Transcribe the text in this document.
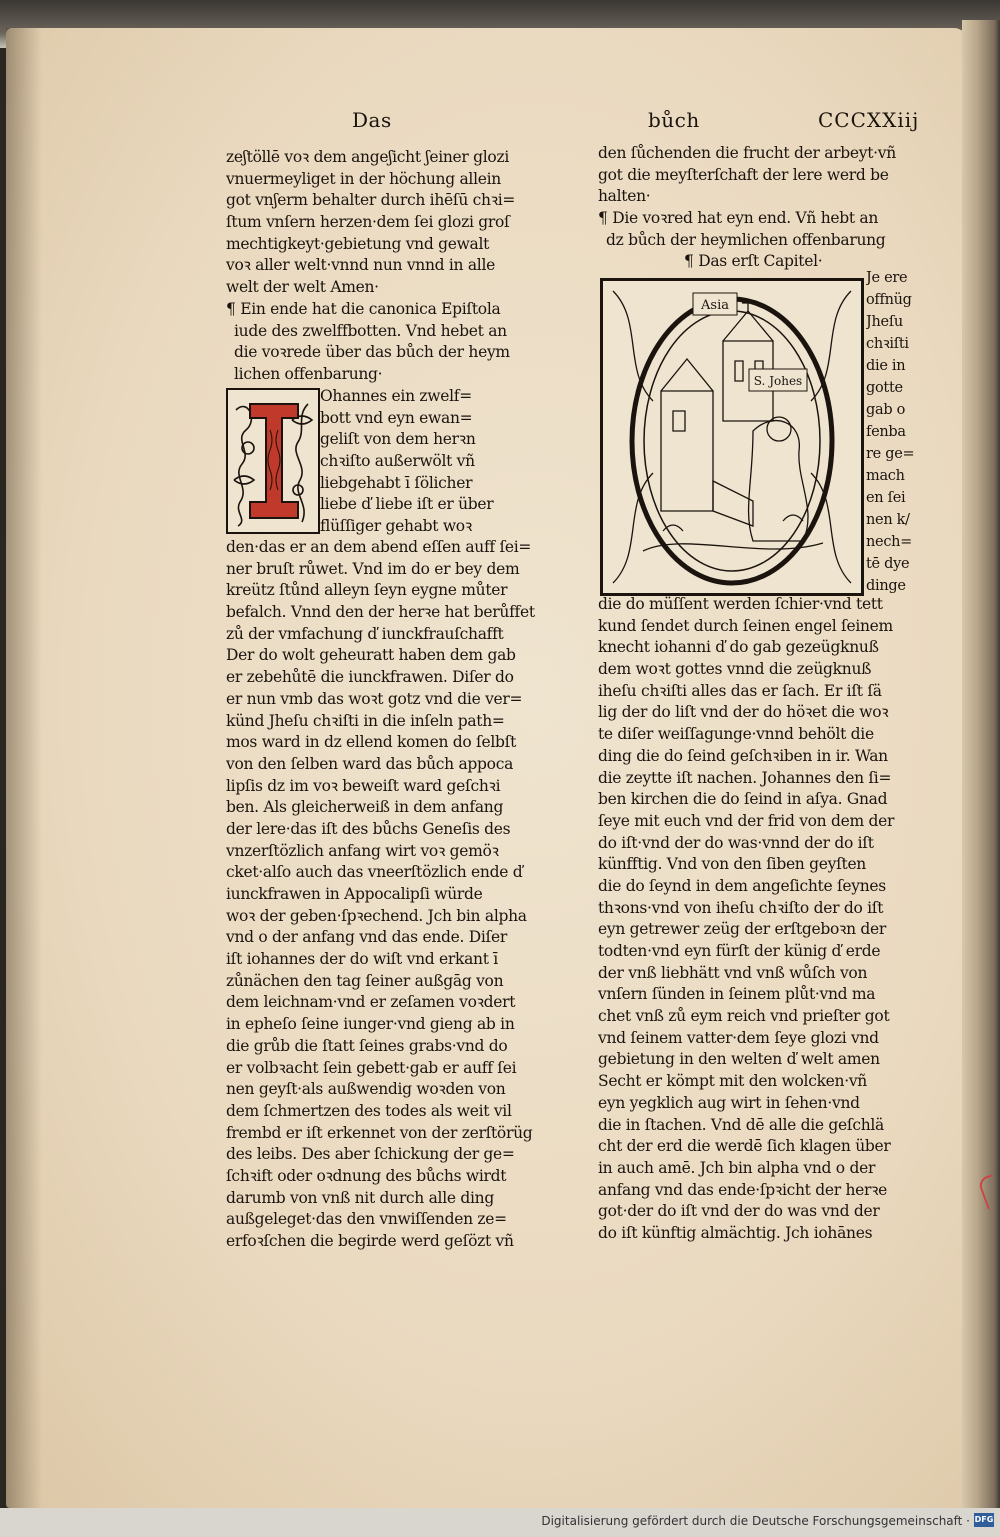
Das	bůch	CCCXXiij
zeʃtöllē voꝛ dem angeʃicht ʃeiner glozi
vnuermeyliget in der höchung allein
got vnʃerm behalter durch ihēſū chꝛi=
ſtum vnſern herzen·dem ſei glozi groſ
mechtigkeyt·gebietung vnd gewalt
voꝛ aller welt·vnnd nun vnnd in alle
welt der welt Amen·
¶ Ein ende hat die canonica Epiſtola
iude des zwelffbotten. Vnd hebet an
die voꝛrede über das bůch der heym
lichen offenbarung·
Ohannes ein zwelf=
bott vnd eyn ewan=
geliſt von dem herꝛn
chꝛiſto außerwölt vñ
liebgehabt ī ſölicher
liebe ď liebe iſt er über
flüſſiger gehabt woꝛ
den·das er an dem abend eſſen auff ſei=
ner bruſt růwet. Vnd im do er bey dem
kreütz ſtůnd alleyn ſeyn eygne můter
befalch. Vnnd den der herꝛe hat berůffet
zů der vmfachung ď iunckfrauſchafft
Der do wolt geheuratt haben dem gab
er zebehůtē die iunckfrawen. Diſer do
er nun vmb das woꝛt gotz vnd die ver=
künd Jheſu chꝛiſti in die inſeln path=
mos ward in dz ellend komen do ſelbſt
von den ſelben ward das bůch appoca
lipſis dz im voꝛ beweiſt ward geſchꝛi
ben. Als gleicherweiß in dem anfang
der lere·das iſt des bůchs Geneſis des
vnzerſtözlich anfang wirt voꝛ gemöꝛ
cket·alſo auch das vneerſtözlich ende ď
iunckfrawen in Appocalipſi würde
woꝛ der geben·ſpꝛechend. Jch bin alpha
vnd o der anfang vnd das ende. Diſer
iſt iohannes der do wiſt vnd erkant ī
zůnächen den tag ſeiner außgāg von
dem leichnam·vnd er zeſamen voꝛdert
in epheſo ſeine iunger·vnd gieng ab in
die grůb die ſtatt ſeines grabs·vnd do
er volbꝛacht ſein gebett·gab er auff ſei
nen geyſt·als außwendig woꝛden von
dem ſchmertzen des todes als weit vil
frembd er iſt erkennet von der zerſtörüg
des leibs. Des aber ſchickung der ge=
ſchꝛift oder oꝛdnung des bůchs wirdt
darumb von vnß nit durch alle ding
außgeleget·das den vnwiſſenden ze=
erfoꝛſchen die begirde werd geſözt vñ
den ſůchenden die frucht der arbeyt·vñ
got die meyſterſchaft der lere werd be
halten·
¶ Die voꝛred hat eyn end. Vñ hebt an
dz bůch der heymlichen offenbarung
¶ Das erſt Capitel·
Asia
S. Johes
Je ere
offnüg
Jheſu
chꝛiſti
die in
gotte
gab o
fenba
re ge=
mach
en ſei
nen k/
nech=
tē dye
dinge
die do müſſent werden ſchier·vnd tett
kund ſendet durch ſeinen engel ſeinem
knecht iohanni ď do gab gezeügknuß
dem woꝛt gottes vnnd die zeügknuß
iheſu chꝛiſti alles das er ſach. Er iſt ſä
lig der do liſt vnd der do höꝛet die woꝛ
te diſer weiſſagunge·vnnd behölt die
ding die do ſeind geſchꝛiben in ir. Wan
die zeytte iſt nachen. Johannes den ſi=
ben kirchen die do ſeind in aſya. Gnad
ſeye mit euch vnd der frid von dem der
do iſt·vnd der do was·vnnd der do iſt
künfftig. Vnd von den ſiben geyſten
die do ſeynd in dem angeſichte ſeynes
thꝛons·vnd von iheſu chꝛiſto der do iſt
eyn getrewer zeüg der erſtgeboꝛn der
todten·vnd eyn fürſt der künig ď erde
der vnß liebhätt vnd vnß wůſch von
vnſern ſünden in ſeinem plůt·vnd ma
chet vnß zů eym reich vnd prieſter got
vnd ſeinem vatter·dem ſeye glozi vnd
gebietung in den welten ď welt amen
Secht er kömpt mit den wolcken·vñ
eyn yegklich aug wirt in ſehen·vnd
die in ſtachen. Vnd dē alle die geſchlä
cht der erd die werdē ſich klagen über
in auch amē. Jch bin alpha vnd o der
anfang vnd das ende·ſpꝛicht der herꝛe
got·der do iſt vnd der do was vnd der
do iſt künftig almächtig. Jch iohānes
Digitalisierung gefördert durch die Deutsche Forschungsgemeinschaft · DFG
